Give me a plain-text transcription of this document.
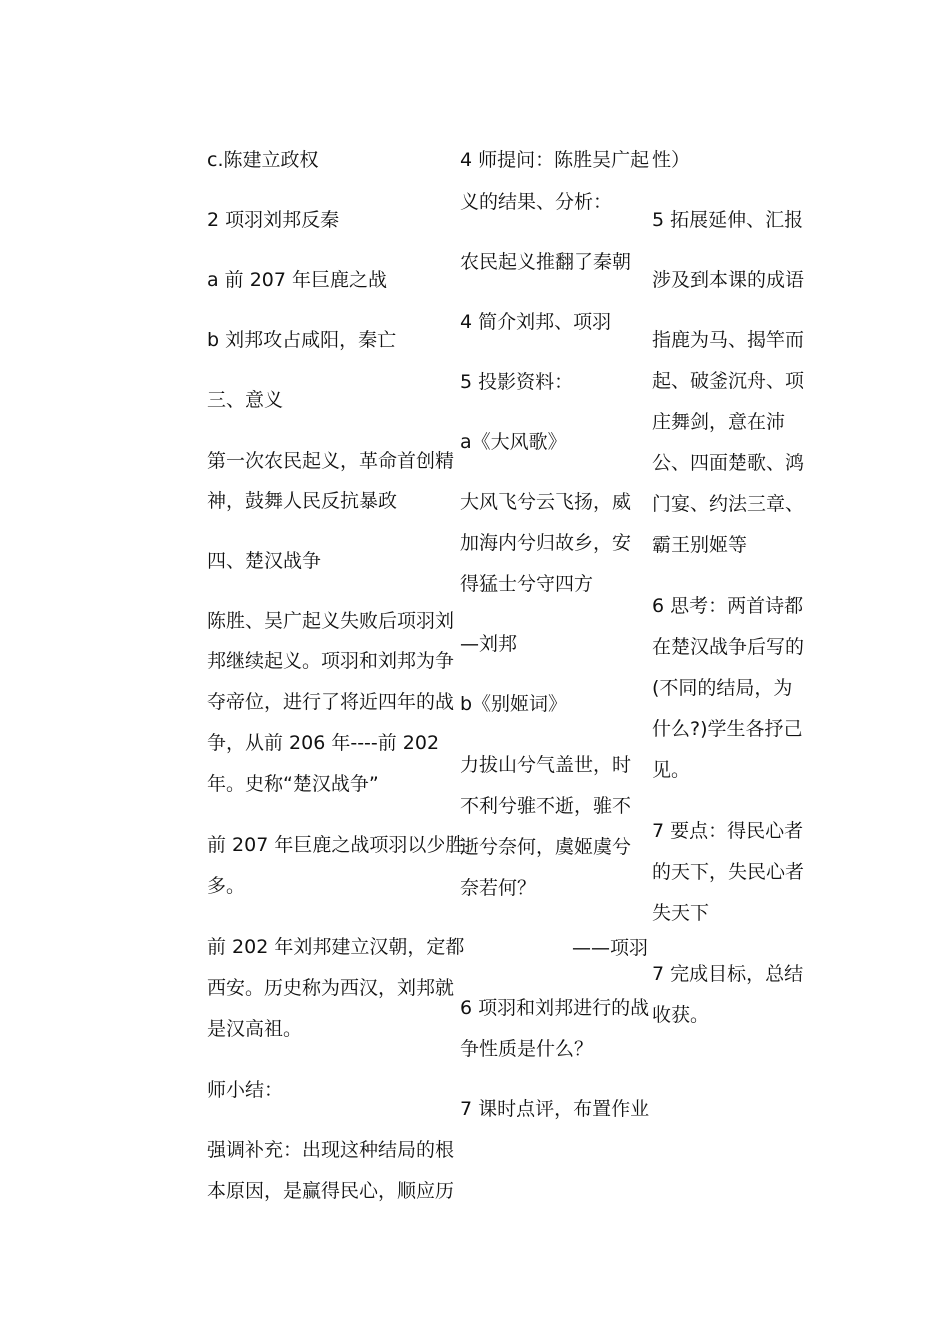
c.陈建立政权
2 项羽刘邦反秦
a 前 207 年巨鹿之战
b 刘邦攻占咸阳，秦亡
三、意义
第一次农民起义，革命首创精
神，鼓舞人民反抗暴政
四、楚汉战争
陈胜、吴广起义失败后项羽刘
邦继续起义。项羽和刘邦为争
夺帝位，进行了将近四年的战
争，从前 206 年----前 202
年。史称“楚汉战争”
前 207 年巨鹿之战项羽以少胜
多。
前 202 年刘邦建立汉朝，定都
西安。历史称为西汉，刘邦就
是汉高祖。
师小结：
强调补充：出现这种结局的根
本原因，是赢得民心，顺应历
4 师提问：陈胜吴广起
义的结果、分析：
农民起义推翻了秦朝
4 简介刘邦、项羽
5 投影资料：
a《大风歌》
大风飞兮云飞扬，威
加海内兮归故乡，安
得猛士兮守四方
—刘邦
b《别姬词》
力拔山兮气盖世，时
不利兮骓不逝，骓不
逝兮奈何，虞姬虞兮
奈若何？
——项羽
6 项羽和刘邦进行的战
争性质是什么？
7 课时点评，布置作业
性）
5 拓展延伸、汇报
涉及到本课的成语
指鹿为马、揭竿而
起、破釜沉舟、项
庄舞剑，意在沛
公、四面楚歌、鸿
门宴、约法三章、
霸王别姬等
6 思考：两首诗都
在楚汉战争后写的
(不同的结局，为
什么?)学生各抒己
见。
7 要点：得民心者
的天下，失民心者
失天下
7 完成目标，总结
收获。
